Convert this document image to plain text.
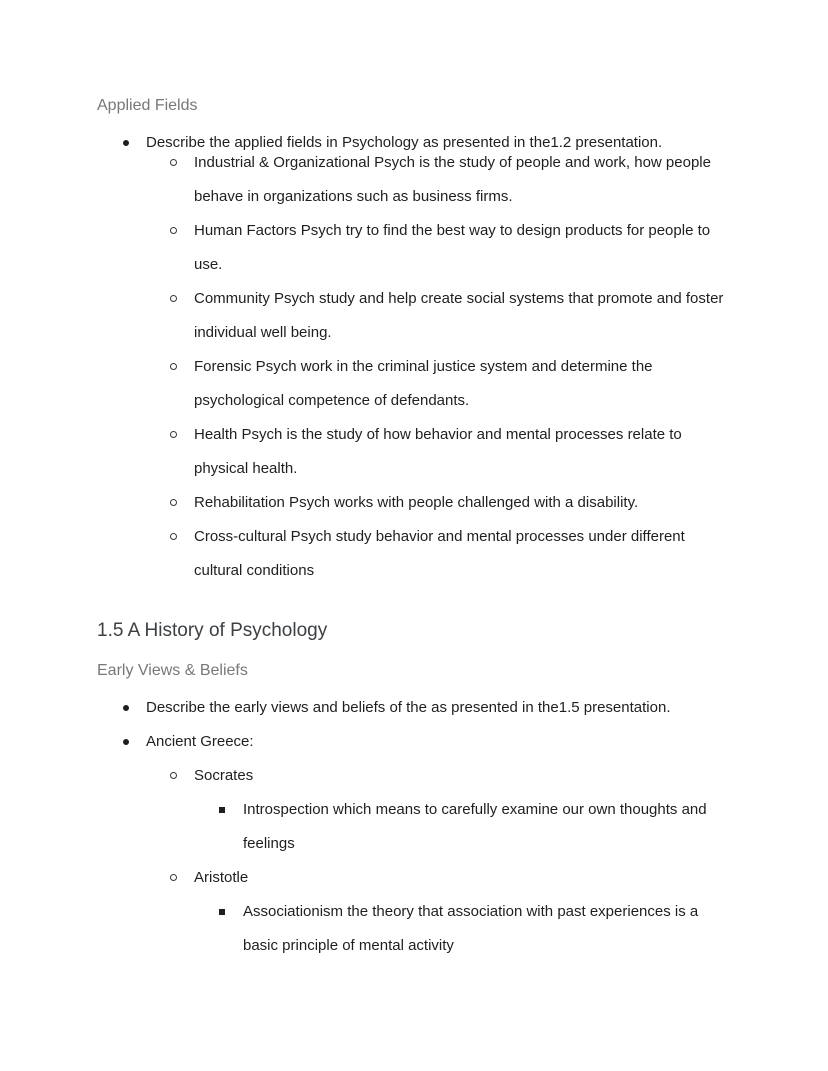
Applied Fields
Describe the applied fields in Psychology as presented in the1.2 presentation.
Industrial & Organizational Psych is the study of people and work, how people behave in organizations such as business firms.
Human Factors Psych try to find the best way to design products for people to use.
Community Psych study and help create social systems that promote and foster individual well being.
Forensic Psych work in the criminal justice system and determine the psychological competence of defendants.
Health Psych is the study of how behavior and mental processes relate to physical health.
Rehabilitation Psych works with people challenged with a disability.
Cross-cultural Psych study behavior and mental processes under different cultural conditions
1.5 A History of Psychology
Early Views & Beliefs
Describe the early views and beliefs of the as presented in the1.5 presentation.
Ancient Greece:
Socrates
Introspection which means to carefully examine our own thoughts and feelings
Aristotle
Associationism the theory that association with past experiences is a basic principle of mental activity
